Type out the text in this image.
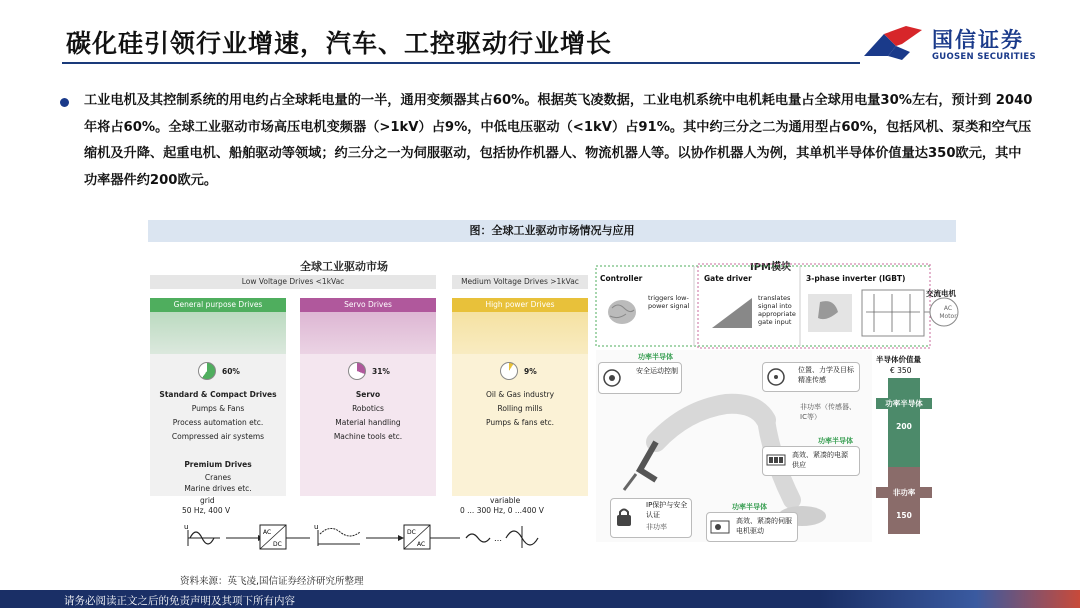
碳化硅引领行业增速，汽车、工控驱动行业增长	国信证券
GUOSEN SECURITIES
工业电机及其控制系统的用电约占全球耗电量的一半，通用变频器其占60%。根据英飞凌数据，工业电机系统中电机耗电量占全球用电量30%左右，预计到 2040年将占60%。全球工业驱动市场高压电机变频器（>1kV）占9%，中低电压驱动（<1kV）占91%。其中约三分之二为通用型占60%，包括风机、泵类和空气压缩机及升降、起重电机、船舶驱动等领域；约三分之一为伺服驱动，包括协作机器人、物流机器人等。以协作机器人为例，其单机半导体价值量达350欧元，其中功率器件约200欧元。
图：全球工业驱动市场情况与应用
全球工业驱动市场
Low Voltage Drives <1kVac	Medium Voltage Drives >1kVac
General purpose Drives
60%
Standard & Compact Drives
Pumps & Fans
Process automation etc.
Compressed air systems

Premium Drives
Cranes
Marine drives etc.
Servo Drives
31%
Servo
Robotics
Material handling
Machine tools etc.
High power Drives
9%
Oil & Gas industry
Rolling mills
Pumps & fans etc.
grid
50 Hz, 400 V
variable
0 ... 300 Hz, 0 ...400 V
u
AC
DC
u
DC
AC
…
IPM模块
Controller
triggers low-power signal
Gate driver
translates signal into appropriate gate input
3-phase inverter (IGBT)
交流电机
AC Motor
功率半导体
安全运动控制	位置、力学及目标精准传感
非功率（传感器、IC等）
功率半导体
高效、紧凑的电源供应
IP保护与安全认证
非功率
功率半导体
高效、紧凑的伺服电机驱动
半导体价值量
€ 350
功率半导体
200
非功率
150
资料来源：英飞凌,国信证券经济研究所整理
请务必阅读正文之后的免责声明及其项下所有内容
